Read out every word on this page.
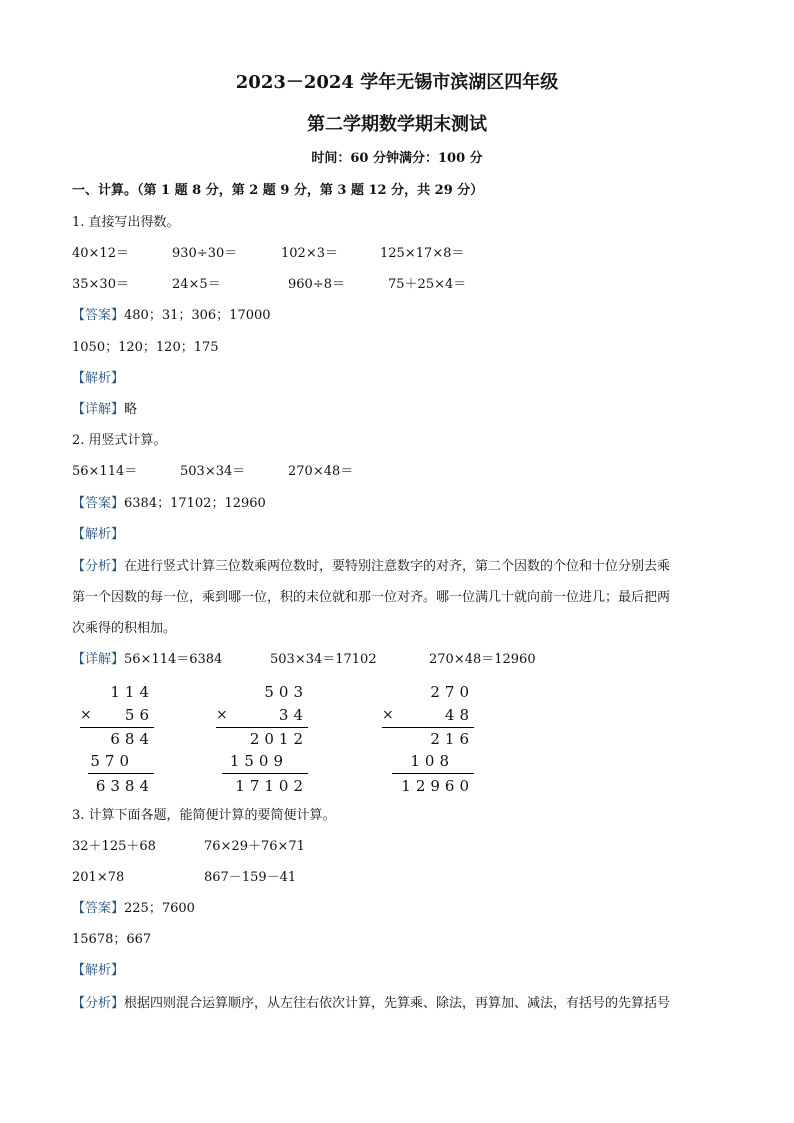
2023－2024 学年无锡市滨湖区四年级
第二学期数学期末测试
时间：60 分钟满分：100 分
一、计算。（第 1 题 8 分，第 2 题 9 分，第 3 题 12 分，共 29 分）
1. 直接写出得数。
40×12＝	930÷30＝	102×3＝	125×17×8＝
35×30＝	24×5＝	960÷8＝	75＋25×4＝
【答案】480；31；306；17000
1050；120；120；175
【解析】
【详解】略
2. 用竖式计算。
56×114＝	503×34＝	270×48＝
【答案】6384；17102；12960
【解析】
【分析】在进行竖式计算三位数乘两位数时，要特别注意数字的对齐，第二个因数的个位和十位分别去乘
第一个因数的每一位，乘到哪一位，积的末位就和那一位对齐。哪一位满几十就向前一位进几；最后把两
次乘得的积相加。
【详解】56×114＝6384	503×34＝17102	270×48＝12960
114
× 56
684
570
6384
503
×	34
2012
1509
17102
270
×	48
216
108
12960
3. 计算下面各题，能简便计算的要简便计算。
32＋125＋68	76×29＋76×71
201×78	867－159－41
【答案】225；7600
15678；667
【解析】
【分析】根据四则混合运算顺序，从左往右依次计算，先算乘、除法，再算加、减法，有括号的先算括号
